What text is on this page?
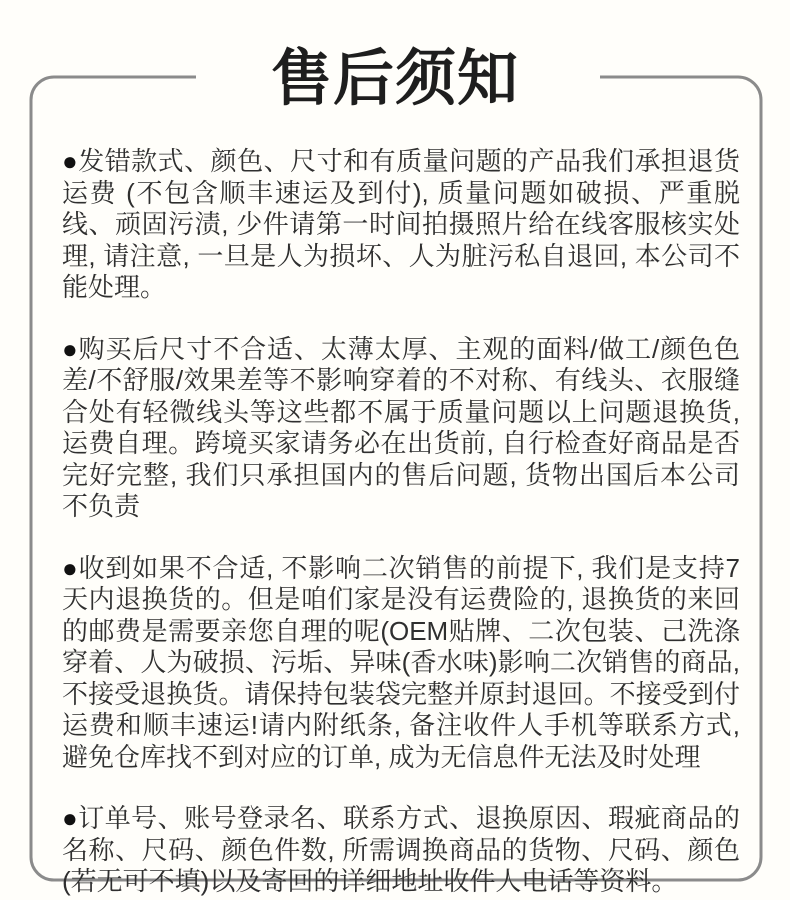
售后须知

●发错款式、颜色、尺寸和有质量问题的产品我们承担退货运费 (不包含顺丰速运及到付), 质量问题如破损、严重脱线、顽固污渍, 少件请第一时间拍摄照片给在线客服核实处理, 请注意, 一旦是人为损坏、人为脏污私自退回, 本公司不能处理。

●购买后尺寸不合适、太薄太厚、主观的面料/做工/颜色色差/不舒服/效果差等不影响穿着的不对称、有线头、衣服缝合处有轻微线头等这些都不属于质量问题以上问题退换货, 运费自理。跨境买家请务必在出货前, 自行检查好商品是否完好完整, 我们只承担国内的售后问题, 货物出国后本公司不负责

●收到如果不合适, 不影响二次销售的前提下, 我们是支持7天内退换货的。但是咱们家是没有运费险的, 退换货的来回的邮费是需要亲您自理的呢(OEM贴牌、二次包装、己洗涤穿着、人为破损、污垢、异味(香水味)影响二次销售的商品, 不接受退换货。请保持包装袋完整并原封退回。不接受到付运费和顺丰速运!请内附纸条, 备注收件人手机等联系方式, 避免仓库找不到对应的订单, 成为无信息件无法及时处理

●订单号、账号登录名、联系方式、退换原因、瑕疵商品的名称、尺码、颜色件数, 所需调换商品的货物、尺码、颜色(若无可不填)以及寄回的详细地址收件人电话等资料。
